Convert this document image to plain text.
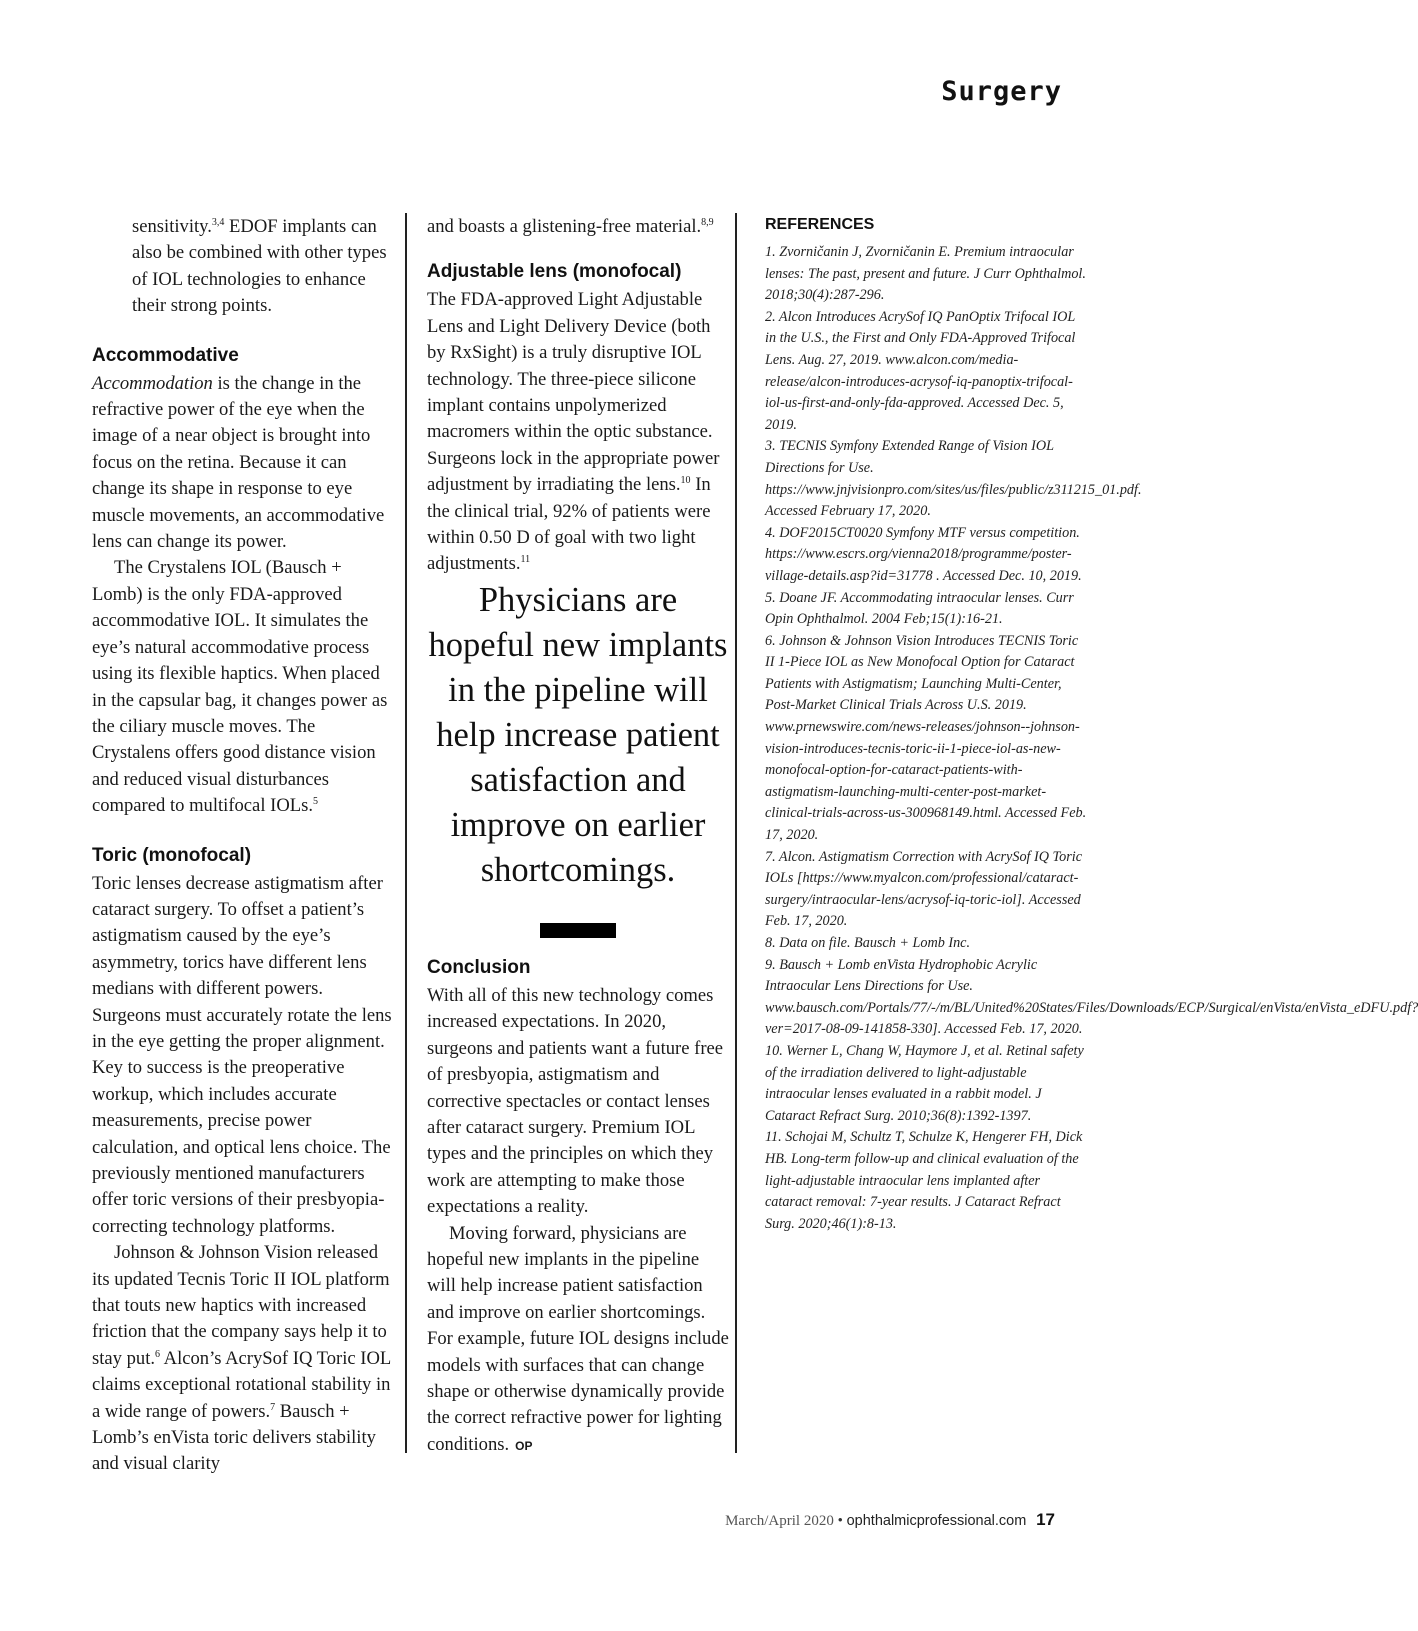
Surgery

sensitivity.$^{3,4}$ EDOF implants can also be combined with other types of IOL technologies to enhance their strong points.

Accommodative

Accommodation is the change in the refractive power of the eye when the image of a near object is brought into focus on the retina. Because it can change its shape in response to eye muscle movements, an accommodative lens can change its power.

The Crystalens IOL (Bausch + Lomb) is the only FDA-approved accommodative IOL. It simulates the eye’s natural accommodative process using its flexible haptics. When placed in the capsular bag, it changes power as the ciliary muscle moves. The Crystalens offers good distance vision and reduced visual disturbances compared to multifocal IOLs.$^5$

Toric (monofocal)

Toric lenses decrease astigmatism after cataract surgery. To offset a patient’s astigmatism caused by the eye’s asymmetry, torics have different lens medians with different powers. Surgeons must accurately rotate the lens in the eye getting the proper alignment. Key to success is the preoperative workup, which includes accurate measurements, precise power calculation, and optical lens choice. The previously mentioned manufacturers offer toric versions of their presbyopia-correcting technology platforms.

Johnson & Johnson Vision released its updated Tecnis Toric II IOL platform that touts new haptics with increased friction that the company says help it to stay put.$^6$ Alcon’s AcrySof IQ Toric IOL claims exceptional rotational stability in a wide range of powers.$^7$ Bausch + Lomb’s enVista toric delivers stability and visual clarity

and boasts a glistening-free material.$^{8,9}$

Adjustable lens (monofocal)

The FDA-approved Light Adjustable Lens and Light Delivery Device (both by RxSight) is a truly disruptive IOL technology. The three-piece silicone implant contains unpolymerized macromers within the optic substance. Surgeons lock in the appropriate power adjustment by irradiating the lens.$^{10}$ In the clinical trial, 92% of patients were within 0.50 D of goal with two light adjustments.$^{11}$

Physicians are hopeful new implants in the pipeline will help increase patient satisfaction and improve on earlier shortcomings.

Conclusion

With all of this new technology comes increased expectations. In 2020, surgeons and patients want a future free of presbyopia, astigmatism and corrective spectacles or contact lenses after cataract surgery. Premium IOL types and the principles on which they work are attempting to make those expectations a reality.

Moving forward, physicians are hopeful new implants in the pipeline will help increase patient satisfaction and improve on earlier shortcomings. For example, future IOL designs include models with surfaces that can change shape or otherwise dynamically provide the correct refractive power for lighting conditions. OP

REFERENCES

1. Zvorničanin J, Zvorničanin E. Premium intraocular lenses: The past, present and future. J Curr Ophthalmol. 2018;30(4):287-296.

2. Alcon Introduces AcrySof IQ PanOptix Trifocal IOL in the U.S., the First and Only FDA-Approved Trifocal Lens. Aug. 27, 2019. www.alcon.com/media-release/alcon-introduces-acrysof-iq-panoptix-trifocal-iol-us-first-and-only-fda-approved. Accessed Dec. 5, 2019.

3. TECNIS Symfony Extended Range of Vision IOL Directions for Use. https://www.jnjvisionpro.com/sites/us/files/public/z311215_01.pdf. Accessed February 17, 2020.

4. DOF2015CT0020 Symfony MTF versus competition. https://www.escrs.org/vienna2018/programme/poster-village-details.asp?id=31778 . Accessed Dec. 10, 2019.

5. Doane JF. Accommodating intraocular lenses. Curr Opin Ophthalmol. 2004 Feb;15(1):16-21.

6. Johnson & Johnson Vision Introduces TECNIS Toric II 1-Piece IOL as New Monofocal Option for Cataract Patients with Astigmatism; Launching Multi-Center, Post-Market Clinical Trials Across U.S. 2019. www.prnewswire.com/news-releases/johnson--johnson-vision-introduces-tecnis-toric-ii-1-piece-iol-as-new-monofocal-option-for-cataract-patients-with-astigmatism-launching-multi-center-post-market-clinical-trials-across-us-300968149.html. Accessed Feb. 17, 2020.

7. Alcon. Astigmatism Correction with AcrySof IQ Toric IOLs [https://www.myalcon.com/professional/cataract-surgery/intraocular-lens/acrysof-iq-toric-iol]. Accessed Feb. 17, 2020.

8. Data on file. Bausch + Lomb Inc.

9. Bausch + Lomb enVista Hydrophobic Acrylic Intraocular Lens Directions for Use. www.bausch.com/Portals/77/-/m/BL/United%20States/Files/Downloads/ECP/Surgical/enVista/enVista_eDFU.pdf?ver=2017-08-09-141858-330]. Accessed Feb. 17, 2020.

10. Werner L, Chang W, Haymore J, et al. Retinal safety of the irradiation delivered to light-adjustable intraocular lenses evaluated in a rabbit model. J Cataract Refract Surg. 2010;36(8):1392-1397.

11. Schojai M, Schultz T, Schulze K, Hengerer FH, Dick HB. Long-term follow-up and clinical evaluation of the light-adjustable intraocular lens implanted after cataract removal: 7-year results. J Cataract Refract Surg. 2020;46(1):8-13.

March/April 2020 • ophthalmicprofessional.com 17
